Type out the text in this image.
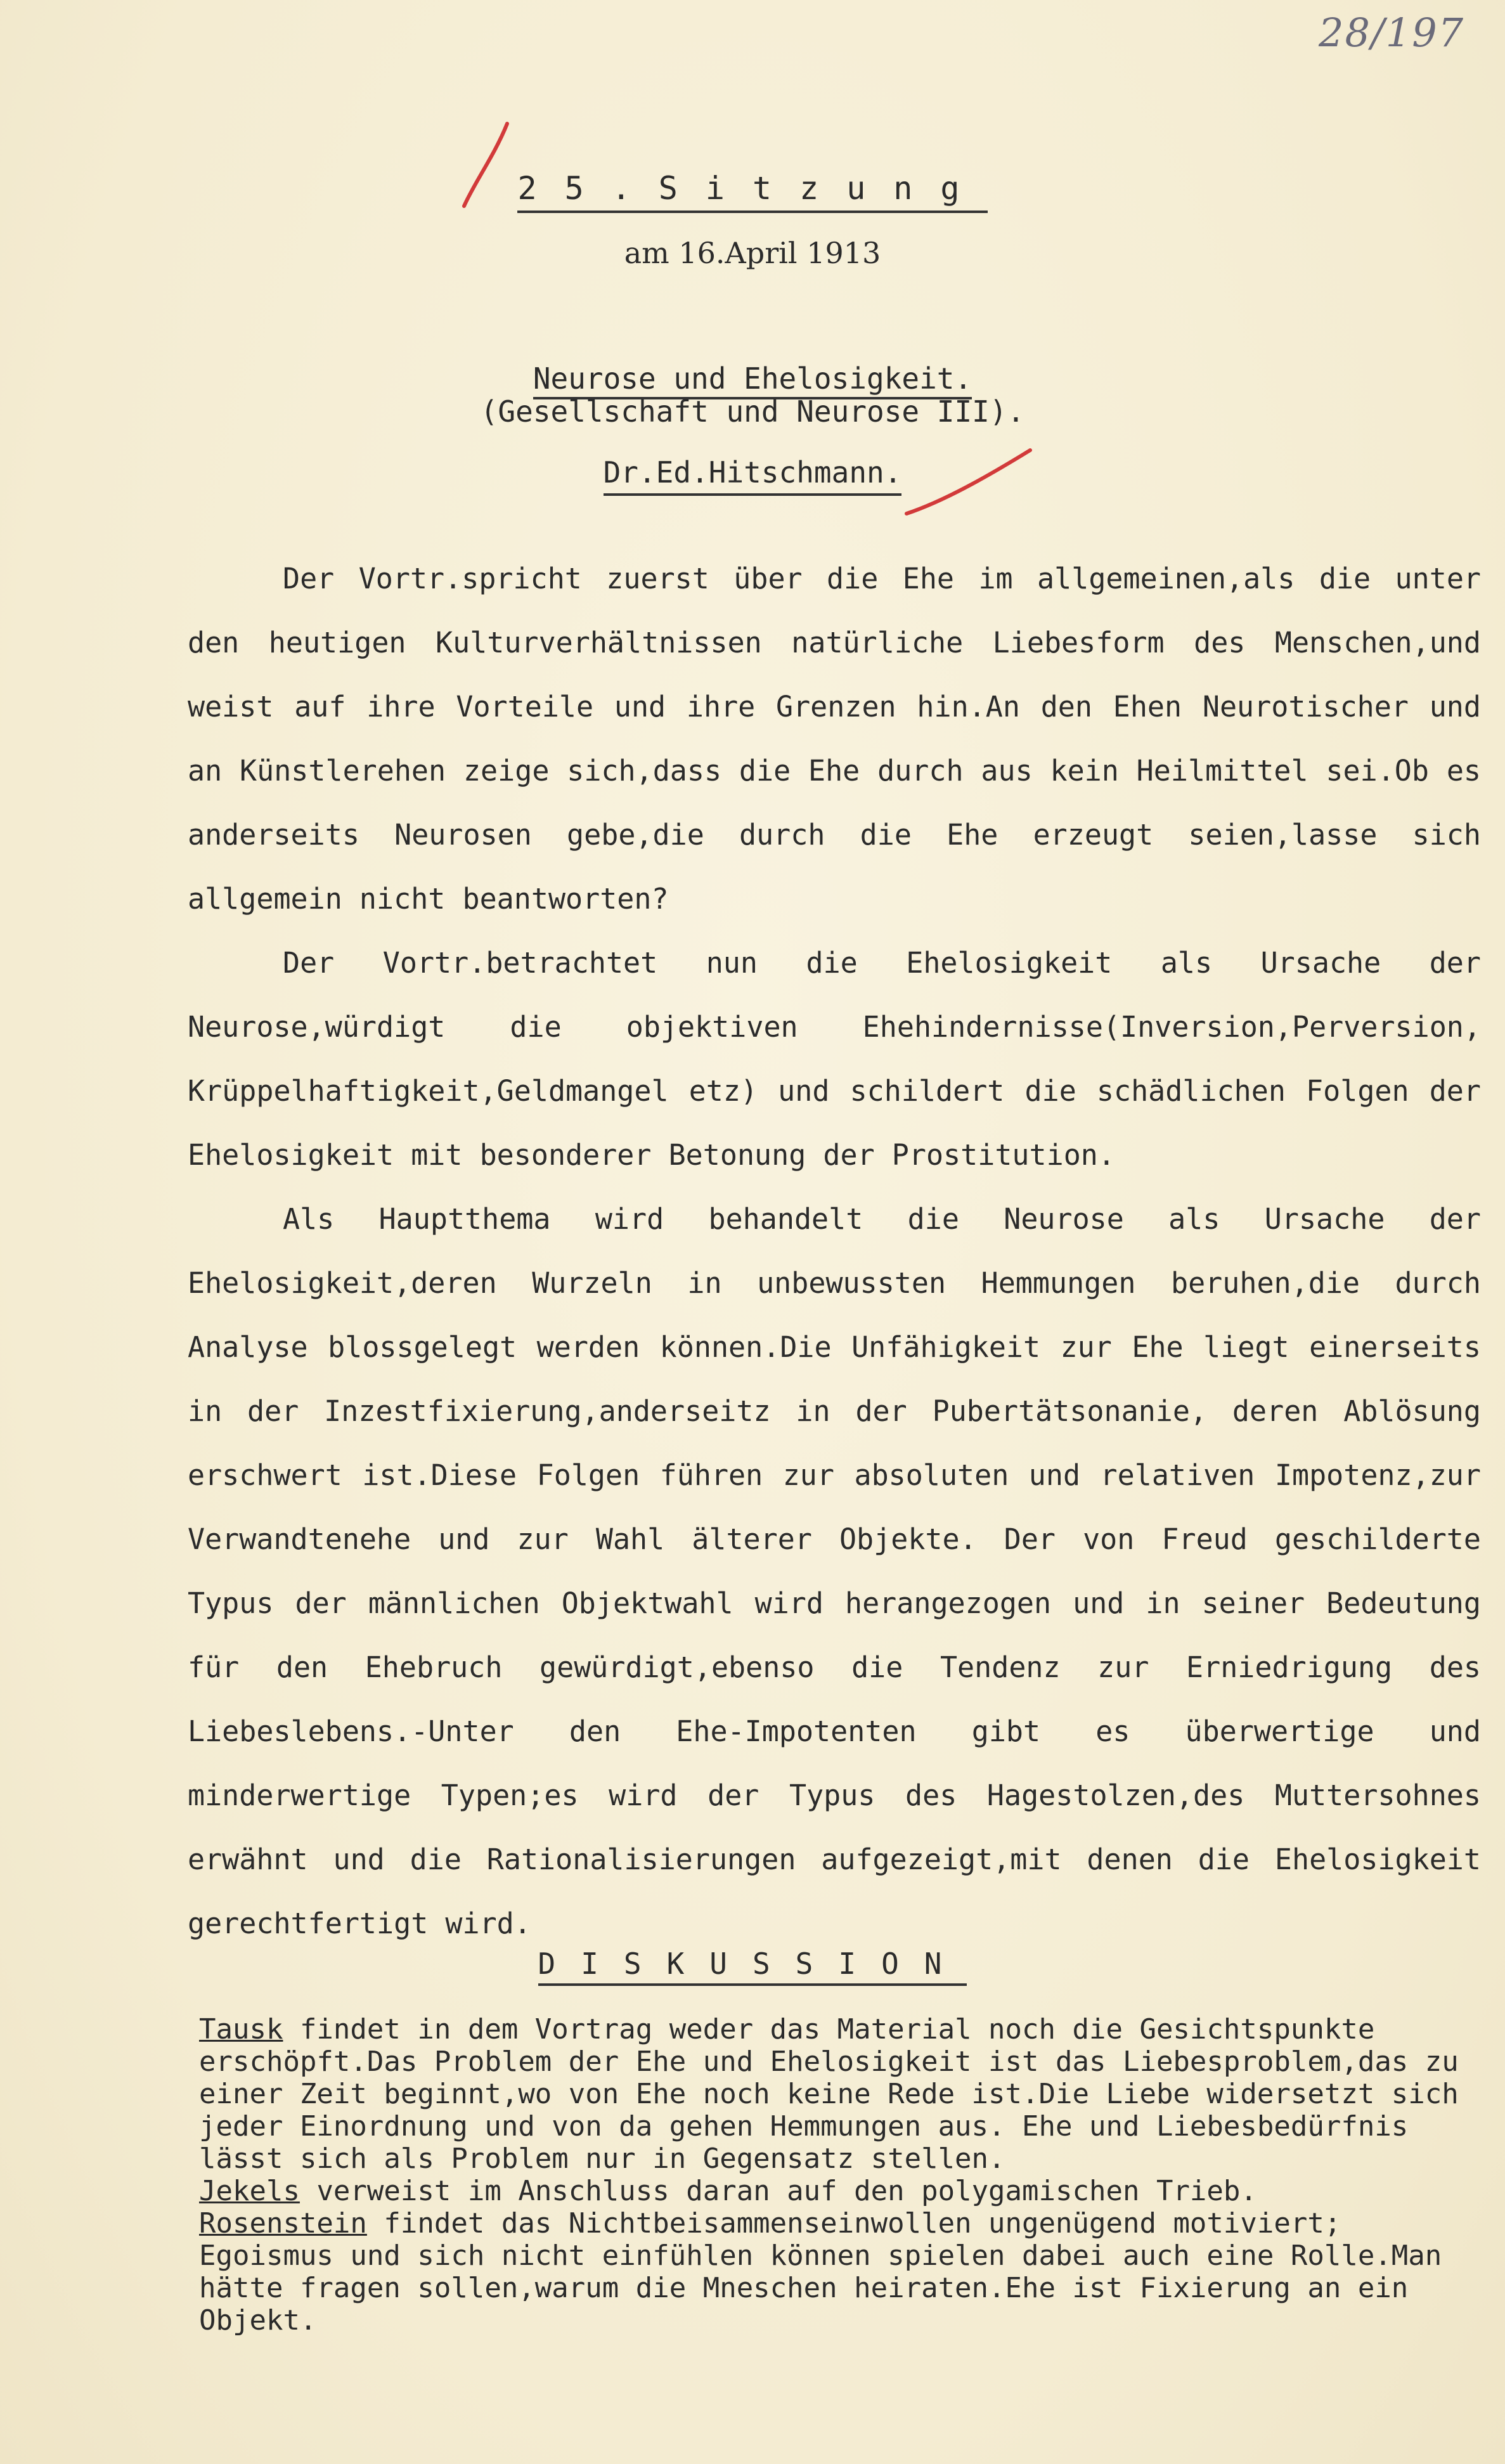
28/197
25.Sitzung
am 16.April 1913
Neurose und Ehelosigkeit.
(Gesellschaft und Neurose III).
Dr.Ed.Hitschmann.

Der Vortr.spricht zuerst über die Ehe im allgemeinen,als die unter den heutigen Kulturverhältnissen natürliche Liebesform des Menschen,und weist auf ihre Vorteile und ihre Grenzen hin.An den Ehen Neurotischer und an Künstlerehen zeige sich,dass die Ehe durch aus kein Heilmittel sei.Ob es anderseits Neurosen gebe,die durch die Ehe erzeugt seien,lasse sich allgemein nicht beantworten?

Der Vortr.betrachtet nun die Ehelosigkeit als Ursache der Neurose,würdigt die objektiven Ehehindernisse(Inversion,Perversion, Krüppelhaftigkeit,Geldmangel etz) und schildert die schädlichen Folgen der Ehelosigkeit mit besonderer Betonung der Prostitution.

Als Hauptthema wird behandelt die Neurose als Ursache der Ehelosigkeit,deren Wurzeln in unbewussten Hemmungen beruhen,die durch Analyse blossgelegt werden können.Die Unfähigkeit zur Ehe liegt einerseits in der Inzestfixierung,anderseitz in der Pubertätsonanie, deren Ablösung erschwert ist.Diese Folgen führen zur absoluten und relativen Impotenz,zur Verwandtenehe und zur Wahl älterer Objekte. Der von Freud geschilderte Typus der männlichen Objektwahl wird herangezogen und in seiner Bedeutung für den Ehebruch gewürdigt,ebenso die Tendenz zur Erniedrigung des Liebeslebens.-Unter den Ehe-Impotenten gibt es überwertige und minderwertige Typen;es wird der Typus des Hagestolzen,des Muttersohnes erwähnt und die Rationalisierungen aufgezeigt,mit denen die Ehelosigkeit gerechtfertigt wird.

DISKUSSION

Tausk findet in dem Vortrag weder das Material noch die Gesichtspunkte erschöpft.Das Problem der Ehe und Ehelosigkeit ist das Liebesproblem,das zu einer Zeit beginnt,wo von Ehe noch keine Rede ist.Die Liebe widersetzt sich jeder Einordnung und von da gehen Hemmungen aus. Ehe und Liebesbedürfnis lässt sich als Problem nur in Gegensatz stellen.

Jekels verweist im Anschluss daran auf den polygamischen Trieb.

Rosenstein findet das Nichtbeisammenseinwollen ungenügend motiviert; Egoismus und sich nicht einfühlen können spielen dabei auch eine Rolle.Man hätte fragen sollen,warum die Mneschen heiraten.Ehe ist Fixierung an ein Objekt.
